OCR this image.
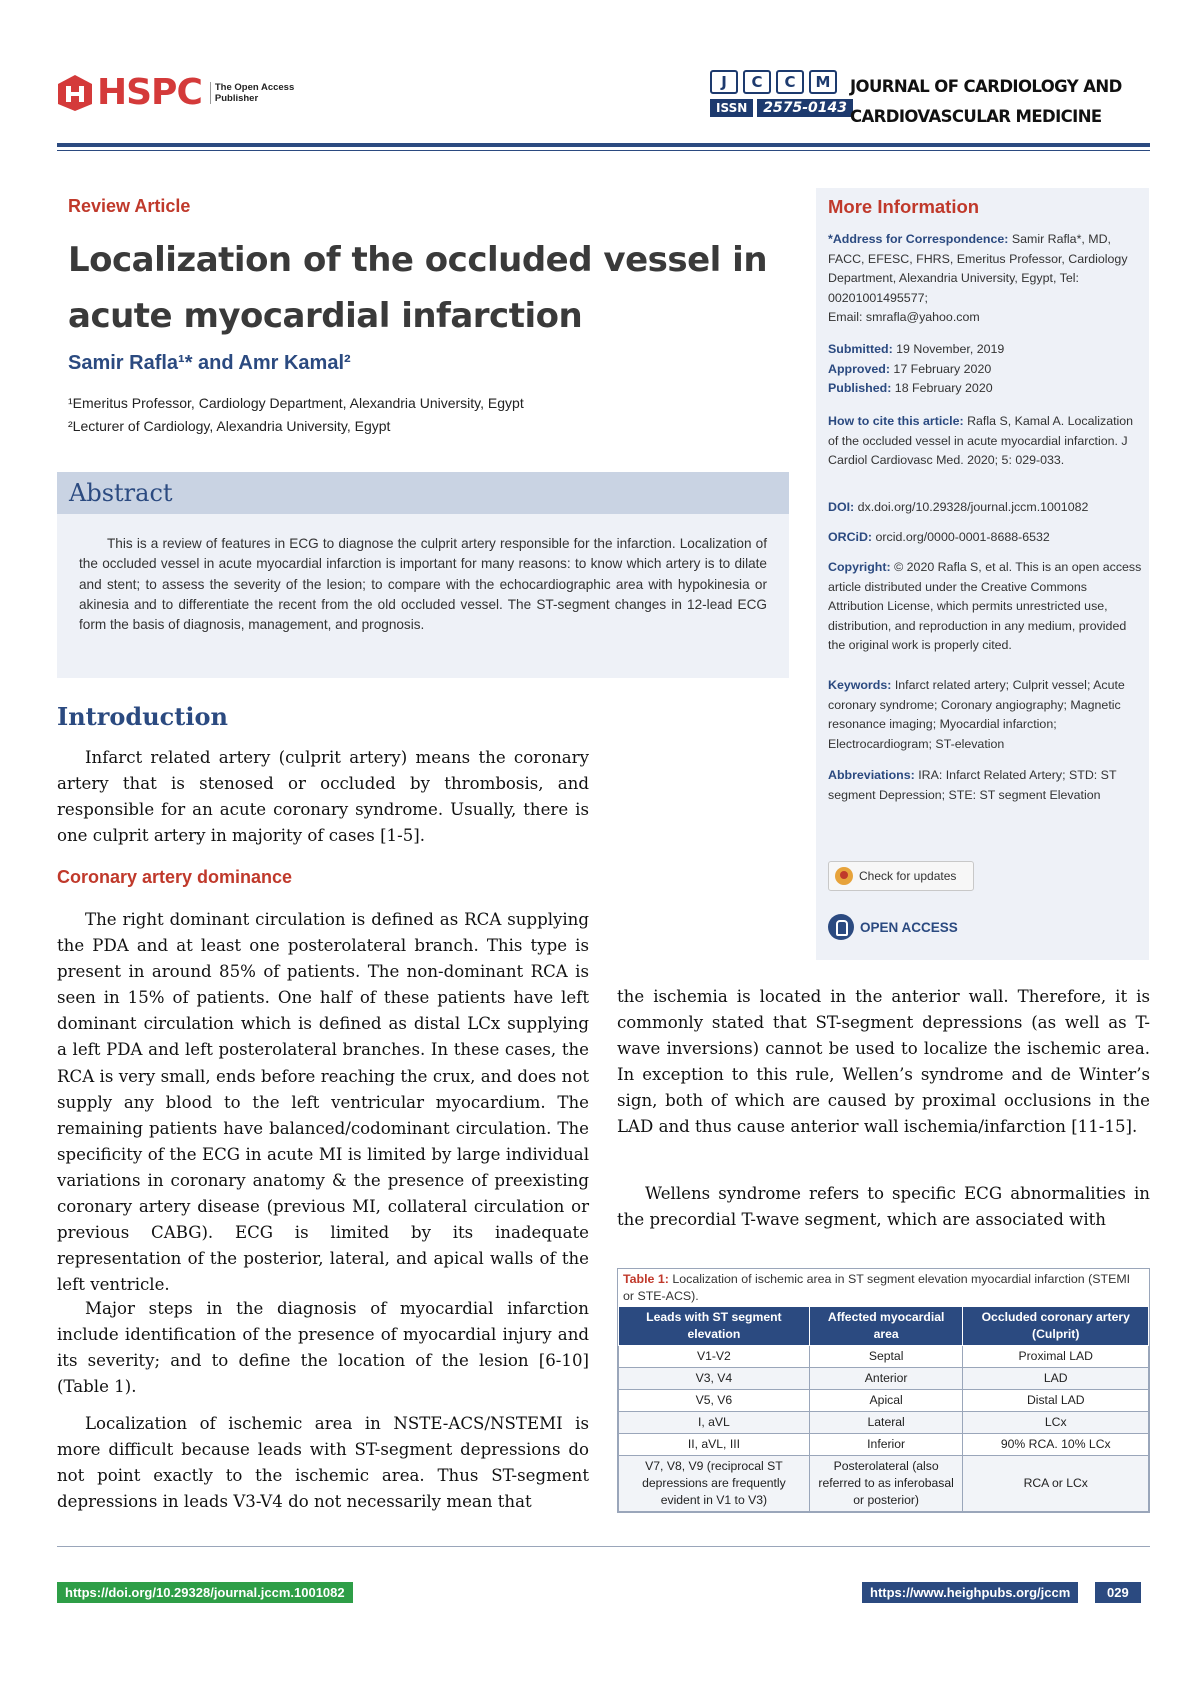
HSPC	The Open Access Publisher
J	C	C	M
ISSN	2575-0143
JOURNAL OF CARDIOLOGY AND
CARDIOVASCULAR MEDICINE
Review Article
Localization of the occluded vessel in acute myocardial infarction
Samir Rafla¹* and Amr Kamal²
¹Emeritus Professor, Cardiology Department, Alexandria University, Egypt
²Lecturer of Cardiology, Alexandria University, Egypt
Abstract
This is a review of features in ECG to diagnose the culprit artery responsible for the infarction. Localization of the occluded vessel in acute myocardial infarction is important for many reasons: to know which artery is to dilate and stent; to assess the severity of the lesion; to compare with the echocardiographic area with hypokinesia or akinesia and to differentiate the recent from the old occluded vessel. The ST-segment changes in 12-lead ECG form the basis of diagnosis, management, and prognosis.
Introduction

Infarct related artery (culprit artery) means the coronary artery that is stenosed or occluded by thrombosis, and responsible for an acute coronary syndrome. Usually, there is one culprit artery in majority of cases [1-5].

Coronary artery dominance

The right dominant circulation is defined as RCA supplying the PDA and at least one posterolateral branch. This type is present in around 85% of patients. The non-dominant RCA is seen in 15% of patients. One half of these patients have left dominant circulation which is defined as distal LCx supplying a left PDA and left posterolateral branches. In these cases, the RCA is very small, ends before reaching the crux, and does not supply any blood to the left ventricular myocardium. The remaining patients have balanced/codominant circulation. The specificity of the ECG in acute MI is limited by large individual variations in coronary anatomy & the presence of preexisting coronary artery disease (previous MI, collateral circulation or previous CABG). ECG is limited by its inadequate representation of the posterior, lateral, and apical walls of the left ventricle.

Major steps in the diagnosis of myocardial infarction include identification of the presence of myocardial injury and its severity; and to define the location of the lesion [6-10] (Table 1).

Localization of ischemic area in NSTE-ACS/NSTEMI is more difficult because leads with ST-segment depressions do not point exactly to the ischemic area. Thus ST-segment depressions in leads V3-V4 do not necessarily mean that

the ischemia is located in the anterior wall. Therefore, it is commonly stated that ST-segment depressions (as well as T-wave inversions) cannot be used to localize the ischemic area. In exception to this rule, Wellen’s syndrome and de Winter’s sign, both of which are caused by proximal occlusions in the LAD and thus cause anterior wall ischemia/infarction [11-15].

Wellens syndrome refers to specific ECG abnormalities in the precordial T-wave segment, which are associated with

More Information
*Address for Correspondence: Samir Rafla*, MD, FACC, EFESC, FHRS, Emeritus Professor, Cardiology Department, Alexandria University, Egypt, Tel: 00201001495577;
Email: smrafla@yahoo.com
Submitted: 19 November, 2019
Approved: 17 February 2020
Published: 18 February 2020
How to cite this article: Rafla S, Kamal A. Localization of the occluded vessel in acute myocardial infarction. J Cardiol Cardiovasc Med. 2020; 5: 029-033.
DOI: dx.doi.org/10.29328/journal.jccm.1001082
ORCiD: orcid.org/0000-0001-8688-6532
Copyright: © 2020 Rafla S, et al. This is an open access article distributed under the Creative Commons Attribution License, which permits unrestricted use, distribution, and reproduction in any medium, provided the original work is properly cited.
Keywords: Infarct related artery; Culprit vessel; Acute coronary syndrome; Coronary angiography; Magnetic resonance imaging; Myocardial infarction; Electrocardiogram; ST-elevation
Abbreviations: IRA: Infarct Related Artery; STD: ST segment Depression; STE: ST segment Elevation
Check for updates
OPEN ACCESS
Table 1: Localization of ischemic area in ST segment elevation myocardial infarction (STEMI or STE-ACS).
Leads with ST segment elevation	Affected myocardial area	Occluded coronary artery (Culprit)
V1-V2	Septal	Proximal LAD
V3, V4	Anterior	LAD
V5, V6	Apical	Distal LAD
I, aVL	Lateral	LCx
II, aVL, III	Inferior	90% RCA. 10% LCx
V7, V8, V9 (reciprocal ST depressions are frequently evident in V1 to V3)	Posterolateral (also referred to as inferobasal or posterior)	RCA or LCx
https://doi.org/10.29328/journal.jccm.1001082	https://www.heighpubs.org/jccm	029
